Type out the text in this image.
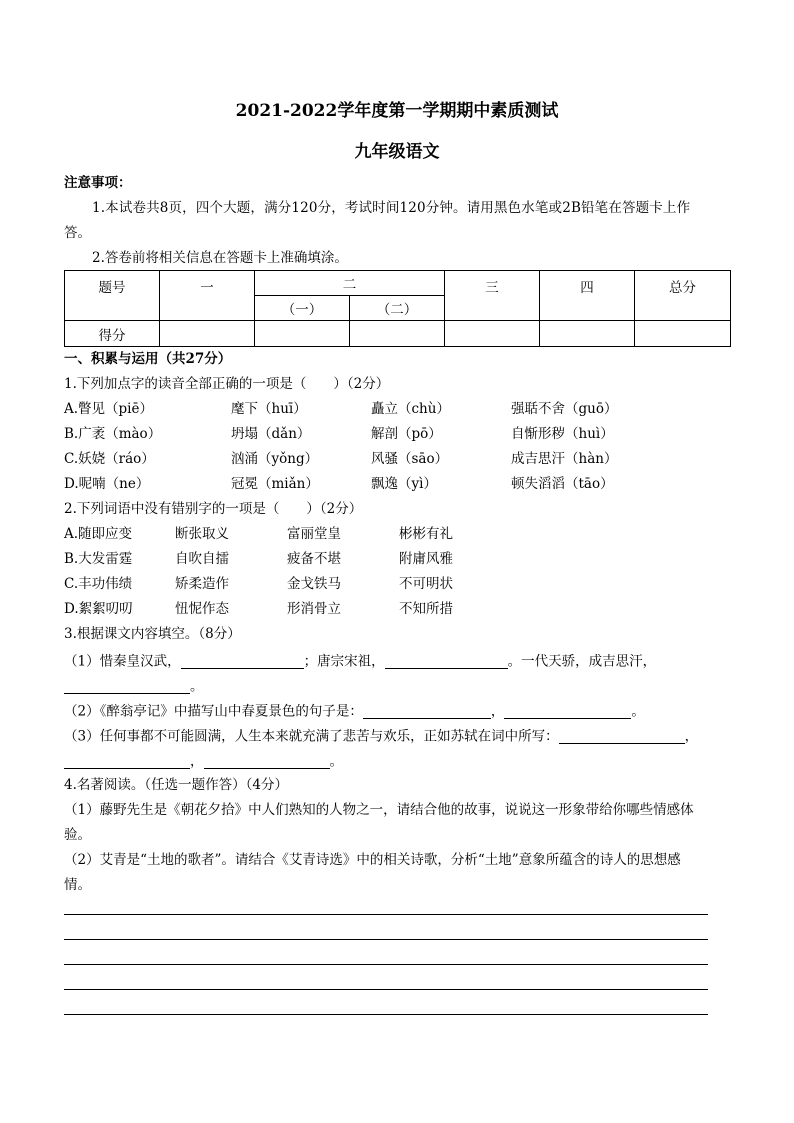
2021-2022学年度第一学期期中素质测试
九年级语文
注意事项：
1.本试卷共8页，四个大题，满分120分，考试时间120分钟。请用黑色水笔或2B铅笔在答题卡上作
答。
2.答卷前将相关信息在答题卡上准确填涂。
题号	一	二		三	四	总分
		（一）	（二）			
得分						
一、积累与运用（共27分）
1.下列加点字的读音全部正确的一项是（　　）（2分）
A.瞥见（piē）	麾下（huī）	矗立（chù）	强聒不舍（guō）
B.广袤（mào）	坍塌（dǎn）	解剖（pō）	自惭形秽（huì）
C.妖娆（ráo）	汹涌（yǒng）	风骚（sāo）	成吉思汗（hàn）
D.呢喃（ne）	冠冕（miǎn）	飘逸（yì）	顿失滔滔（tāo）
2.下列词语中没有错别字的一项是（　　）（2分）
A.随即应变	断张取义	富丽堂皇	彬彬有礼
B.大发雷霆	自吹自擂	疲备不堪	附庸风雅
C.丰功伟绩	矫柔造作	金戈铁马	不可明状
D.絮絮叨叨	忸怩作态	形消骨立	不知所措
3.根据课文内容填空。（8分）
（1）惜秦皇汉武，	；唐宗宋祖，	。一代天骄，成吉思汗，
。
（2）《醉翁亭记》中描写山中春夏景色的句子是：	，	。
（3）任何事都不可能圆满，人生本来就充满了悲苦与欢乐，正如苏轼在词中所写：	，
，	。
4.名著阅读。（任选一题作答）（4分）
（1）藤野先生是《朝花夕拾》中人们熟知的人物之一，请结合他的故事，说说这一形象带给你哪些情感体
验。
（2）艾青是“土地的歌者”。请结合《艾青诗选》中的相关诗歌，分析“土地”意象所蕴含的诗人的思想感
情。
